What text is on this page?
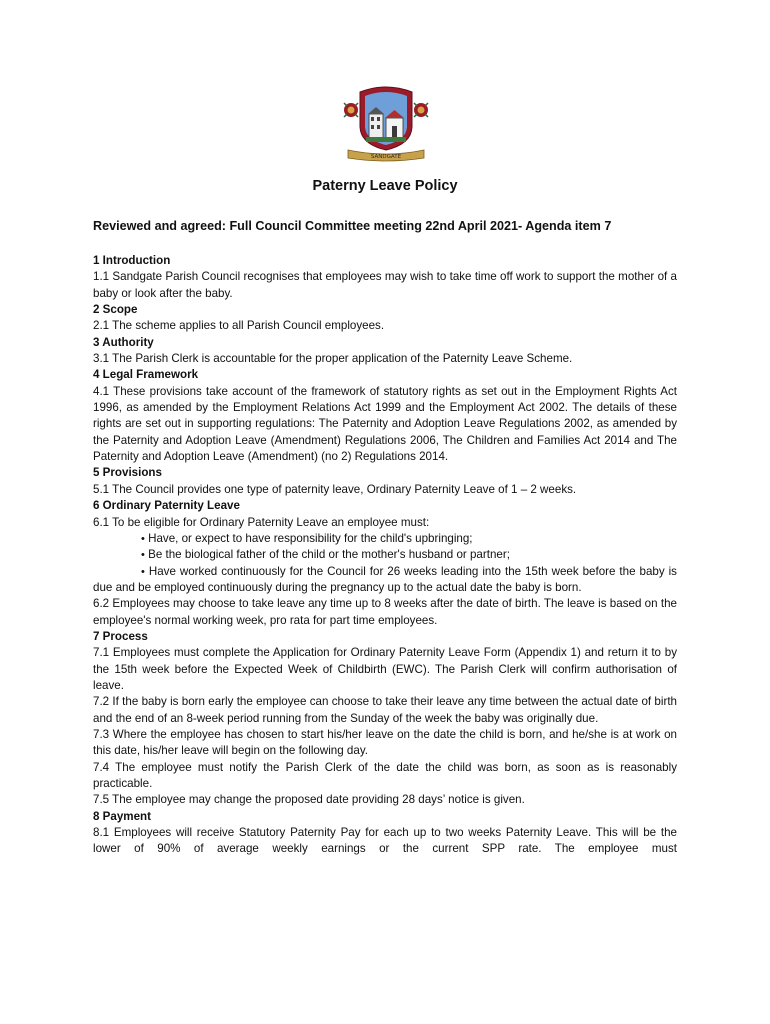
SANDGATE
Paterny Leave Policy
Reviewed and agreed: Full Council Committee meeting 22nd April 2021- Agenda item 7

1 Introduction

1.1 Sandgate Parish Council recognises that employees may wish to take time off work to support the mother of a baby or look after the baby.

2 Scope

2.1 The scheme applies to all Parish Council employees.

3 Authority

3.1 The Parish Clerk is accountable for the proper application of the Paternity Leave Scheme.

4 Legal Framework

4.1 These provisions take account of the framework of statutory rights as set out in the Employment Rights Act 1996, as amended by the Employment Relations Act 1999 and the Employment Act 2002. The details of these rights are set out in supporting regulations: The Paternity and Adoption Leave Regulations 2002, as amended by the Paternity and Adoption Leave (Amendment) Regulations 2006, The Children and Families Act 2014 and The Paternity and Adoption Leave (Amendment) (no 2) Regulations 2014.

5 Provisions

5.1 The Council provides one type of paternity leave, Ordinary Paternity Leave of 1 – 2 weeks.

6 Ordinary Paternity Leave

6.1 To be eligible for Ordinary Paternity Leave an employee must:

• Have, or expect to have responsibility for the child's upbringing;
• Be the biological father of the child or the mother's husband or partner;
• Have worked continuously for the Council for 26 weeks leading into the 15th week before the baby is due and be employed continuously during the pregnancy up to the actual date the baby is born.

6.2 Employees may choose to take leave any time up to 8 weeks after the date of birth. The leave is based on the employee's normal working week, pro rata for part time employees.

7 Process

7.1 Employees must complete the Application for Ordinary Paternity Leave Form (Appendix 1) and return it to by the 15th week before the Expected Week of Childbirth (EWC). The Parish Clerk will confirm authorisation of leave.

7.2 If the baby is born early the employee can choose to take their leave any time between the actual date of birth and the end of an 8-week period running from the Sunday of the week the baby was originally due.

7.3 Where the employee has chosen to start his/her leave on the date the child is born, and he/she is at work on this date, his/her leave will begin on the following day.

7.4 The employee must notify the Parish Clerk of the date the child was born, as soon as is reasonably practicable.

7.5 The employee may change the proposed date providing 28 days’ notice is given.

8 Payment

8.1 Employees will receive Statutory Paternity Pay for each up to two weeks Paternity Leave. This will be the lower of 90% of average weekly earnings or the current SPP rate. The employee must
